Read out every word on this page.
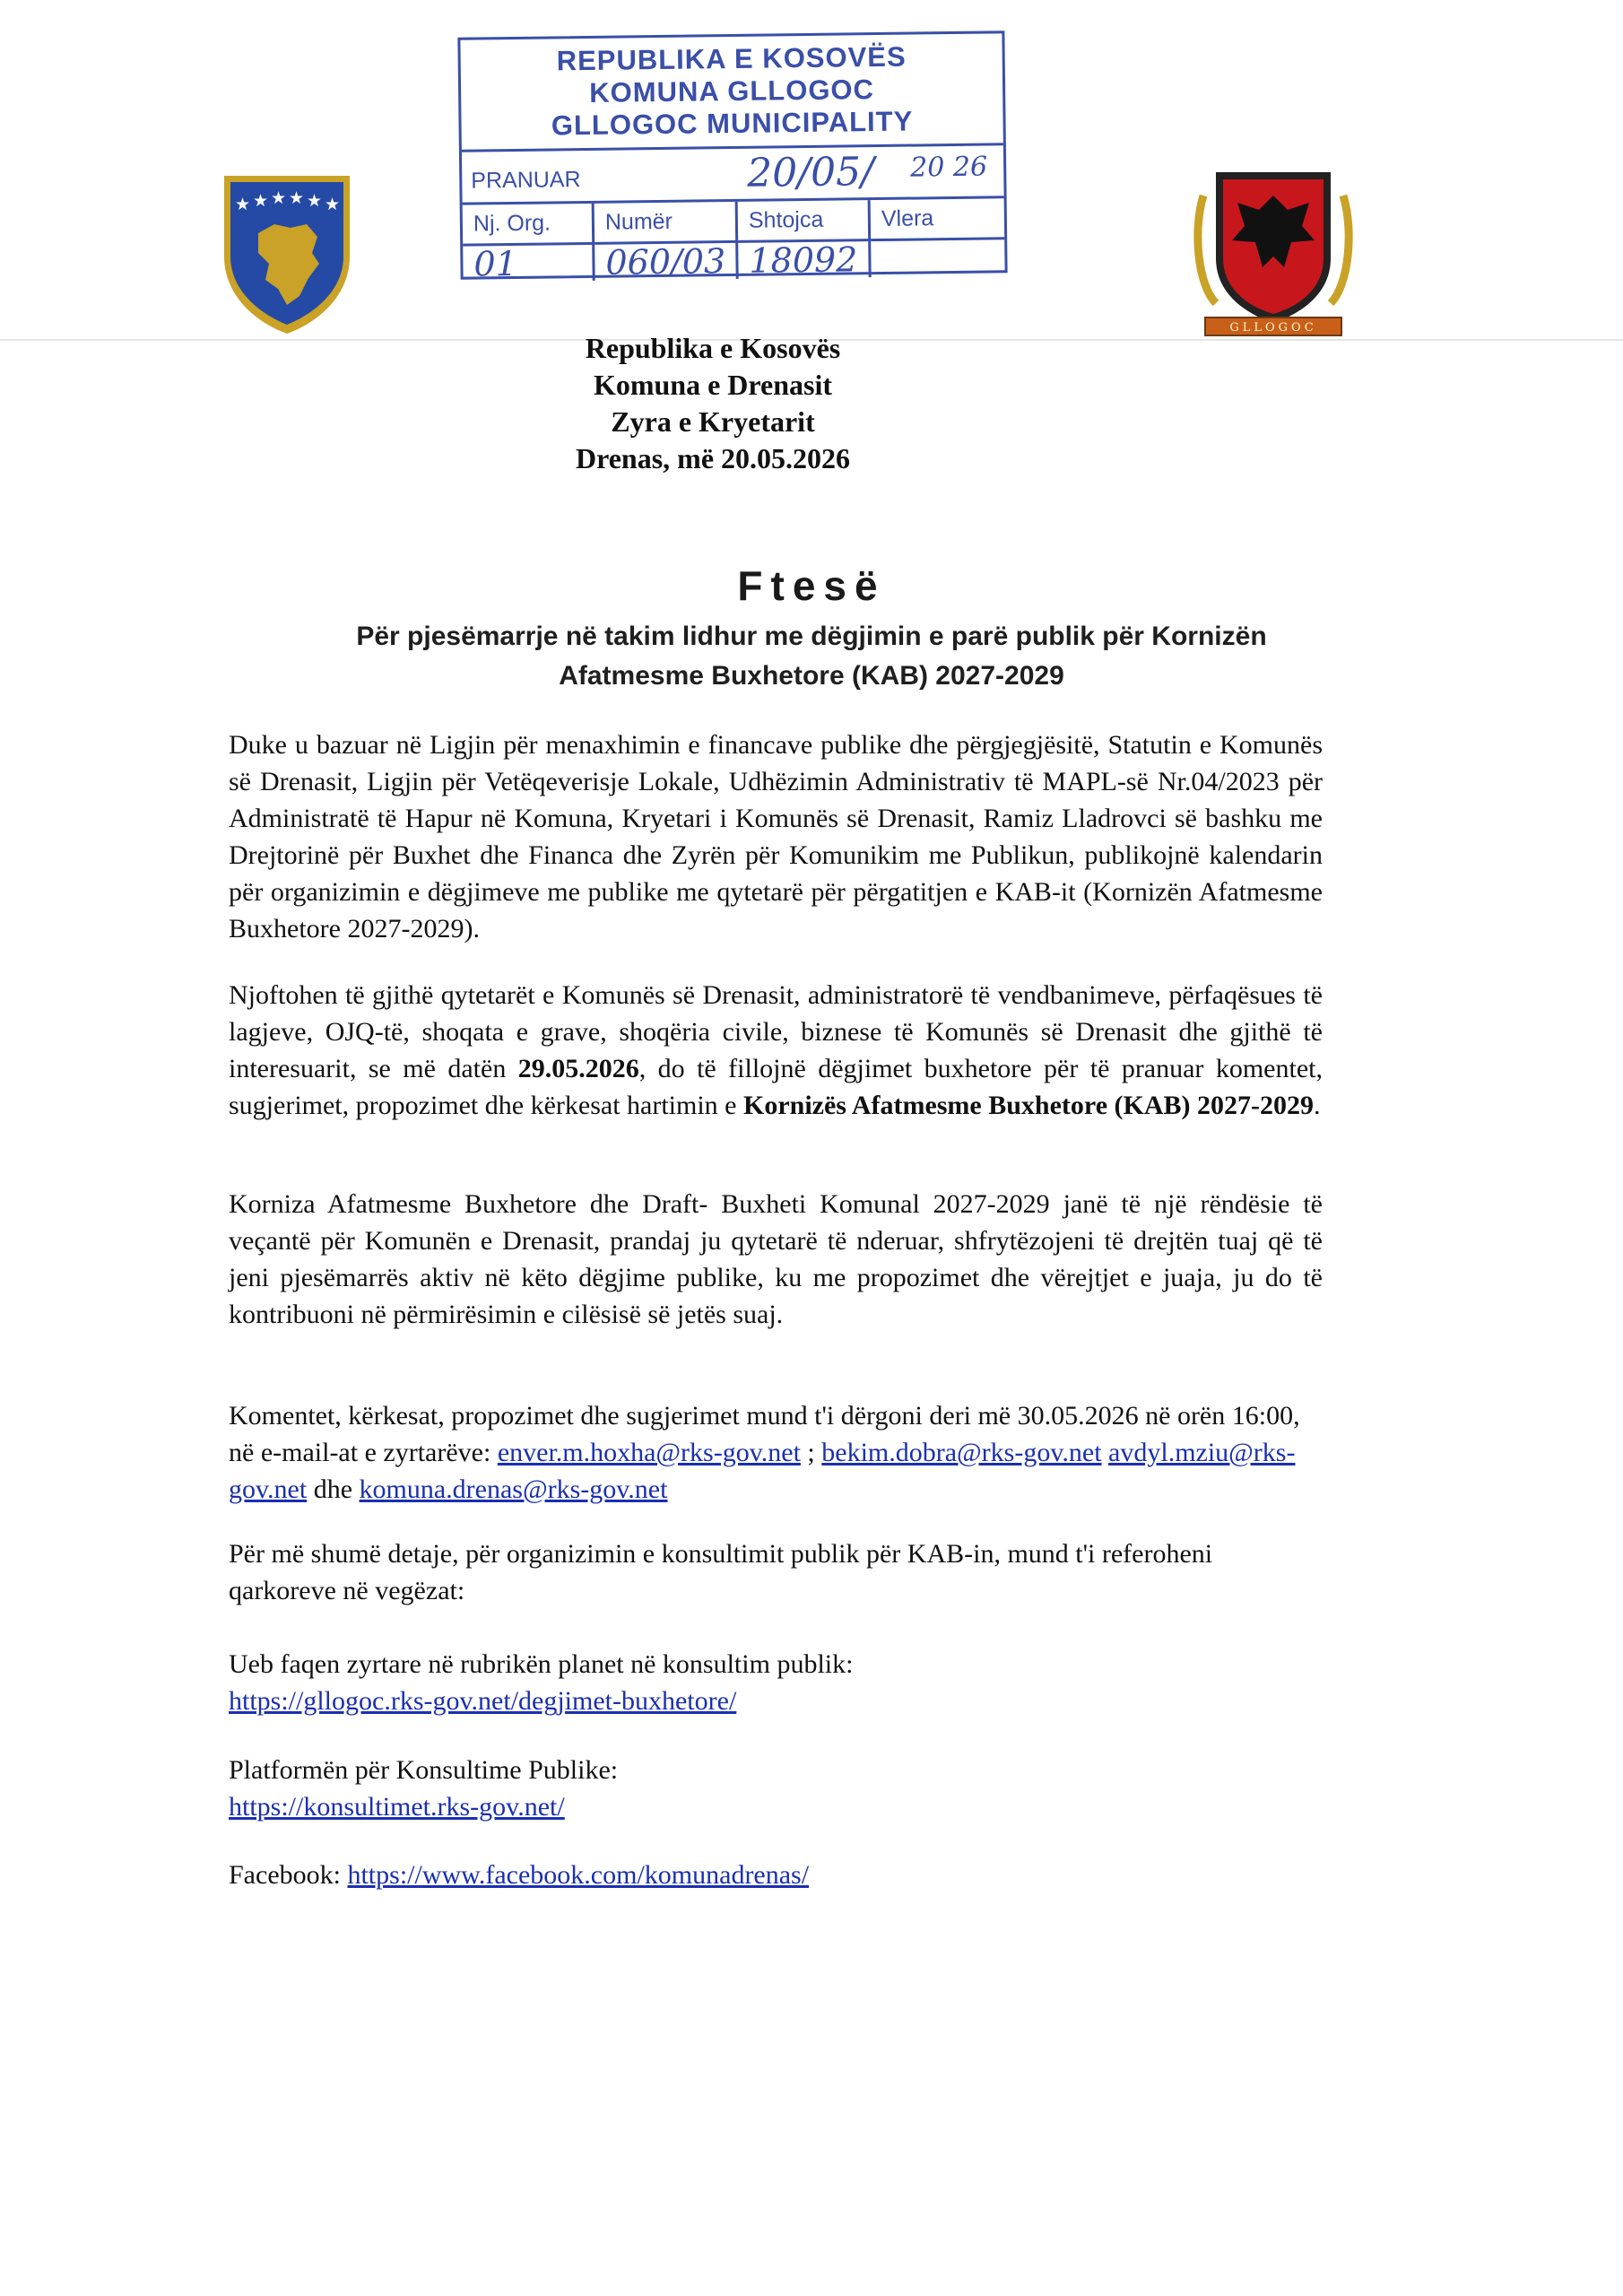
REPUBLIKA E KOSOVËS
KOMUNA GLLOGOC
GLLOGOC MUNICIPALITY
PRANUAR	20/05/ 20 26
Nj. Org.	Numër	Shtojca	Vlera
01	060/03 18092
★ ★ ★ ★ ★ ★
GLLOGOC
Republika e Kosovës
Komuna e Drenasit
Zyra e Kryetarit
Drenas, më 20.05.2026
Ftesë
Për pjesëmarrje në takim lidhur me dëgjimin e parë publik për Kornizën
Afatmesme Buxhetore (KAB) 2027-2029

Duke u bazuar në Ligjin për menaxhimin e financave publike dhe përgjegjësitë, Statutin e Komunës së Drenasit, Ligjin për Vetëqeverisje Lokale, Udhëzimin Administrativ të MAPL-së Nr.04/2023 për Administratë të Hapur në Komuna, Kryetari i Komunës së Drenasit, Ramiz Lladrovci së bashku me Drejtorinë për Buxhet dhe Financa dhe Zyrën për Komunikim me Publikun, publikojnë kalendarin për organizimin e dëgjimeve me publike me qytetarë për përgatitjen e KAB-it (Kornizën Afatmesme Buxhetore 2027-2029).

Njoftohen të gjithë qytetarët e Komunës së Drenasit, administratorë të vendbanimeve, përfaqësues të lagjeve, OJQ-të, shoqata e grave, shoqëria civile, biznese të Komunës së Drenasit dhe gjithë të interesuarit, se më datën 29.05.2026, do të fillojnë dëgjimet buxhetore për të pranuar komentet, sugjerimet, propozimet dhe kërkesat hartimin e Kornizës Afatmesme Buxhetore (KAB) 2027-2029.

Korniza Afatmesme Buxhetore dhe Draft- Buxheti Komunal 2027-2029 janë të një rëndësie të veçantë për Komunën e Drenasit, prandaj ju qytetarë të nderuar, shfrytëzojeni të drejtën tuaj që të jeni pjesëmarrës aktiv në këto dëgjime publike, ku me propozimet dhe vërejtjet e juaja, ju do të kontribuoni në përmirësimin e cilësisë së jetës suaj.

Komentet, kërkesat, propozimet dhe sugjerimet mund t'i dërgoni deri më 30.05.2026 në orën 16:00, në e-mail-at e zyrtarëve: enver.m.hoxha@rks-gov.net ; bekim.dobra@rks-gov.net avdyl.mziu@rks-gov.net dhe komuna.drenas@rks-gov.net

Për më shumë detaje, për organizimin e konsultimit publik për KAB-in, mund t'i referoheni qarkoreve në vegëzat:

Ueb faqen zyrtare në rubrikën planet në konsultim publik:
https://gllogoc.rks-gov.net/degjimet-buxhetore/
Platformën për Konsultime Publike:
https://konsultimet.rks-gov.net/
Facebook: https://www.facebook.com/komunadrenas/
